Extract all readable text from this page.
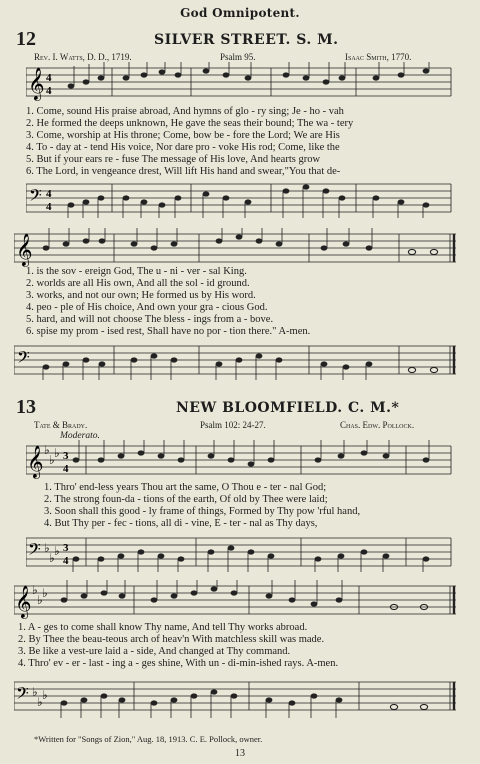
God Omnipotent.
12	SILVER STREET. S. M.
Rev. I. Watts, D. D., 1719.	Psalm 95.	Isaac Smith, 1770.
𝄞 4
4
1. Come, sound His praise abroad, And hymns of glo - ry sing; Je - ho - vah
2. He formed the deeps unknown, He gave the seas their bound; The wa - tery
3. Come, worship at His throne; Come, bow be - fore the Lord; We are His
4. To - day at - tend His voice, Nor dare pro - voke His rod; Come, like the
5. But if your ears re - fuse The message of His love, And hearts grow
6. The Lord, in vengeance drest, Will lift His hand and swear,"You that de-
𝄢 4
4
𝄞
1. is the sov - ereign God, The u - ni - ver - sal King.
2. worlds are all His own, And all the sol - id ground.
3. works, and not our own; He formed us by His word.
4. peo - ple of His choice, And own your gra - cious God.
5. hard, and will not choose The bless - ings from a - bove.
6. spise my prom - ised rest, Shall have no por - tion there." A-men.
𝄢
13	NEW BLOOMFIELD. C. M.*
Tate & Brady.	Psalm 102: 24-27.	Chas. Edw. Pollock.
Moderato.
𝄞 ♭
♭ ♭ 3
4
1. Thro' end-less years Thou art the same, O Thou e - ter - nal God;
2. The strong foun-da - tions of the earth, Of old by Thee were laid;
3. Soon shall this good - ly frame of things, Formed by Thy pow 'rful hand,
4. But Thy per - fec - tions, all di - vine, E - ter - nal as Thy days,
𝄢 ♭
♭ ♭ 3
4
𝄞 ♭
♭ ♭
1. A - ges to come shall know Thy name, And tell Thy works abroad.
2. By Thee the beau-teous arch of heav'n With matchless skill was made.
3. Be like a vest-ure laid a - side, And changed at Thy command.
4. Thro' ev - er - last - ing a - ges shine, With un - di-min-ished rays. A-men.
𝄢 ♭
♭ ♭
*Written for "Songs of Zion," Aug. 18, 1913. C. E. Pollock, owner.
13
